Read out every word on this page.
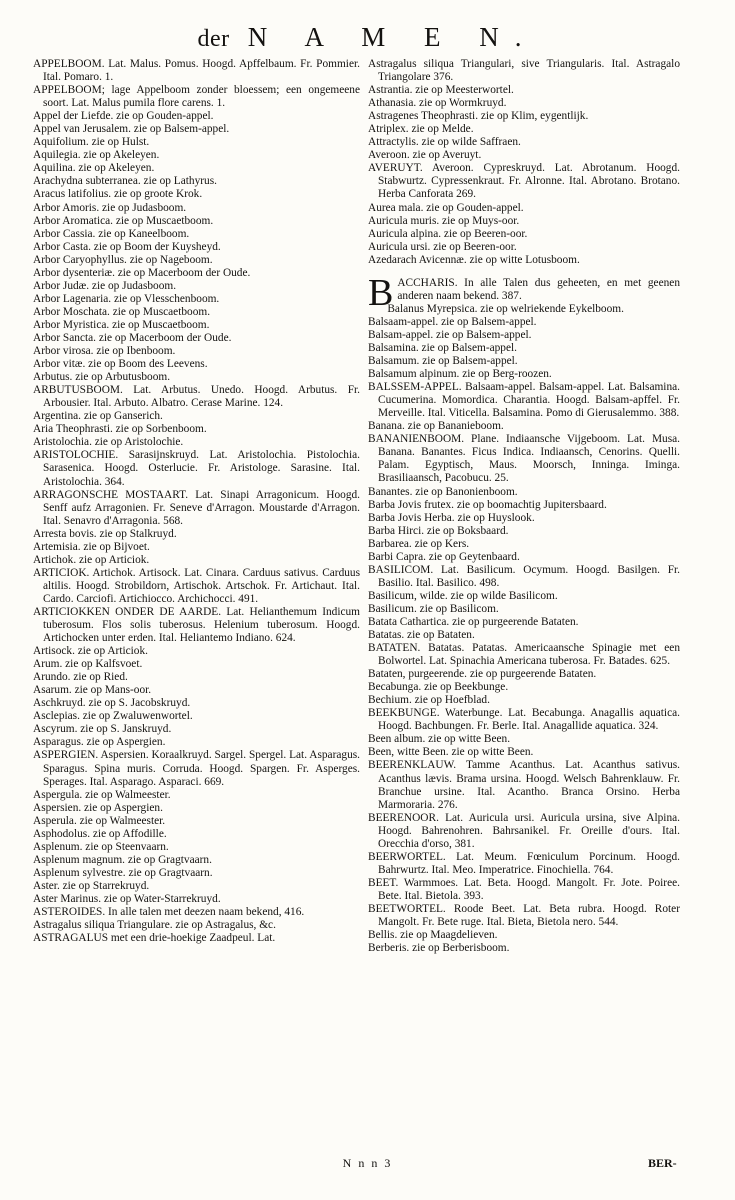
der N A M E N.

APPELBOOM. Lat. Malus. Pomus. Hoogd. Apffelbaum. Fr. Pommier. Ital. Pomaro. 1.

APPELBOOM; lage Appelboom zonder bloessem; een ongemeene soort. Lat. Malus pumila flore carens. 1.

Appel der Liefde. zie op Gouden-appel.

Appel van Jerusalem. zie op Balsem-appel.

Aquifolium. zie op Hulst.

Aquilegia. zie op Akeleyen.

Aquilina. zie op Akeleyen.

Arachydna subterranea. zie op Lathyrus.

Aracus latifolius. zie op groote Krok.

Arbor Amoris. zie op Judasboom.

Arbor Aromatica. zie op Muscaetboom.

Arbor Cassia. zie op Kaneelboom.

Arbor Casta. zie op Boom der Kuysheyd.

Arbor Caryophyllus. zie op Nageboom.

Arbor dysenteriæ. zie op Macerboom der Oude.

Arbor Judæ. zie op Judasboom.

Arbor Lagenaria. zie op Vlesschenboom.

Arbor Moschata. zie op Muscaetboom.

Arbor Myristica. zie op Muscaetboom.

Arbor Sancta. zie op Macerboom der Oude.

Arbor virosa. zie op Ibenboom.

Arbor vitæ. zie op Boom des Leevens.

Arbutus. zie op Arbutusboom.

ARBUTUSBOOM. Lat. Arbutus. Unedo. Hoogd. Arbutus. Fr. Arbousier. Ital. Arbuto. Albatro. Cerase Marine. 124.

Argentina. zie op Ganserich.

Aria Theophrasti. zie op Sorbenboom.

Aristolochia. zie op Aristolochie.

ARISTOLOCHIE. Sarasijnskruyd. Lat. Aristolochia. Pistolochia. Sarasenica. Hoogd. Osterlucie. Fr. Aristologe. Sarasine. Ital. Aristolochia. 364.

ARRAGONSCHE MOSTAART. Lat. Sinapi Arragonicum. Hoogd. Senff aufz Arragonien. Fr. Seneve d'Arragon. Moustarde d'Arragon. Ital. Senavro d'Arragonia. 568.

Arresta bovis. zie op Stalkruyd.

Artemisia. zie op Bijvoet.

Artichok. zie op Articiok.

ARTICIOK. Artichok. Artisock. Lat. Cinara. Carduus sativus. Carduus altilis. Hoogd. Strobildorn, Artischok. Artschok. Fr. Artichaut. Ital. Cardo. Carciofi. Artichiocco. Archichocci. 491.

ARTICIOKKEN ONDER DE AARDE. Lat. Helianthemum Indicum tuberosum. Flos solis tuberosus. Helenium tuberosum. Hoogd. Artichocken unter erden. Ital. Heliantemo Indiano. 624.

Artisock. zie op Articiok.

Arum. zie op Kalfsvoet.

Arundo. zie op Ried.

Asarum. zie op Mans-oor.

Aschkruyd. zie op S. Jacobskruyd.

Asclepias. zie op Zwaluwenwortel.

Ascyrum. zie op S. Janskruyd.

Asparagus. zie op Aspergien.

ASPERGIEN. Aspersien. Koraalkruyd. Sargel. Spergel. Lat. Asparagus. Sparagus. Spina muris. Corruda. Hoogd. Spargen. Fr. Asperges. Sperages. Ital. Asparago. Asparaci. 669.

Aspergula. zie op Walmeester.

Aspersien. zie op Aspergien.

Asperula. zie op Walmeester.

Asphodolus. zie op Affodille.

Asplenum. zie op Steenvaarn.

Asplenum magnum. zie op Gragtvaarn.

Asplenum sylvestre. zie op Gragtvaarn.

Aster. zie op Starrekruyd.

Aster Marinus. zie op Water-Starrekruyd.

ASTEROIDES. In alle talen met deezen naam bekend, 416.

Astragalus siliqua Triangulare. zie op Astragalus, &c.

ASTRAGALUS met een drie-hoekige Zaadpeul. Lat.

Astragalus siliqua Triangulari, sive Triangularis. Ital. Astragalo Triangolare 376.

Astrantia. zie op Meesterwortel.

Athanasia. zie op Wormkruyd.

Astragenes Theophrasti. zie op Klim, eygentlijk.

Atriplex. zie op Melde.

Attractylis. zie op wilde Saffraen.

Averoon. zie op Averuyt.

AVERUYT. Averoon. Cypreskruyd. Lat. Abrotanum. Hoogd. Stabwurtz. Cypressenkraut. Fr. Alronne. Ital. Abrotano. Brotano. Herba Canforata 269.

Aurea mala. zie op Gouden-appel.

Auricula muris. zie op Muys-oor.

Auricula alpina. zie op Beeren-oor.

Auricula ursi. zie op Beeren-oor.

Azedarach Avicennæ. zie op witte Lotusboom.

BACCHARIS. In alle Talen dus geheeten, en met geenen anderen naam bekend. 387.

Balanus Myrepsica. zie op welriekende Eykelboom.

Balsaam-appel. zie op Balsem-appel.

Balsam-appel. zie op Balsem-appel.

Balsamina. zie op Balsem-appel.

Balsamum. zie op Balsem-appel.

Balsamum alpinum. zie op Berg-roozen.

BALSSEM-APPEL. Balsaam-appel. Balsam-appel. Lat. Balsamina. Cucumerina. Momordica. Charantia. Hoogd. Balsam-apffel. Fr. Merveille. Ital. Viticella. Balsamina. Pomo di Gierusalemmo. 388.

Banana. zie op Bananieboom.

BANANIENBOOM. Plane. Indiaansche Vijgeboom. Lat. Musa. Banana. Banantes. Ficus Indica. Indiaansch, Cenorins. Quelli. Palam. Egyptisch, Maus. Moorsch, Inninga. Iminga. Brasiliaansch, Pacobucu. 25.

Banantes. zie op Banonienboom.

Barba Jovis frutex. zie op boomachtig Jupitersbaard.

Barba Jovis Herba. zie op Huyslook.

Barba Hirci. zie op Boksbaard.

Barbarea. zie op Kers.

Barbi Capra. zie op Geytenbaard.

BASILICOM. Lat. Basilicum. Ocymum. Hoogd. Basilgen. Fr. Basilio. Ital. Basilico. 498.

Basilicum, wilde. zie op wilde Basilicom.

Basilicum. zie op Basilicom.

Batata Cathartica. zie op purgeerende Bataten.

Batatas. zie op Bataten.

BATATEN. Batatas. Patatas. Americaansche Spinagie met een Bolwortel. Lat. Spinachia Americana tuberosa. Fr. Batades. 625.

Bataten, purgeerende. zie op purgeerende Bataten.

Becabunga. zie op Beekbunge.

Bechium. zie op Hoefblad.

BEEKBUNGE. Waterbunge. Lat. Becabunga. Anagallis aquatica. Hoogd. Bachbungen. Fr. Berle. Ital. Anagallide aquatica. 324.

Been album. zie op witte Been.

Been, witte Been. zie op witte Been.

BEERENKLAUW. Tamme Acanthus. Lat. Acanthus sativus. Acanthus lævis. Brama ursina. Hoogd. Welsch Bahrenklauw. Fr. Branchue ursine. Ital. Acantho. Branca Orsino. Herba Marmoraria. 276.

BEERENOOR. Lat. Auricula ursi. Auricula ursina, sive Alpina. Hoogd. Bahrenohren. Bahrsanikel. Fr. Oreille d'ours. Ital. Orecchia d'orso, 381.

BEERWORTEL. Lat. Meum. Fœniculum Porcinum. Hoogd. Bahrwurtz. Ital. Meo. Imperatrice. Finochiella. 764.

BEET. Warmmoes. Lat. Beta. Hoogd. Mangolt. Fr. Jote. Poiree. Bete. Ital. Bietola. 393.

BEETWORTEL. Roode Beet. Lat. Beta rubra. Hoogd. Roter Mangolt. Fr. Bete ruge. Ital. Bieta, Bietola nero. 544.

Bellis. zie op Maagdelieven.

Berberis. zie op Berberisboom.

N n n 3	BER-
